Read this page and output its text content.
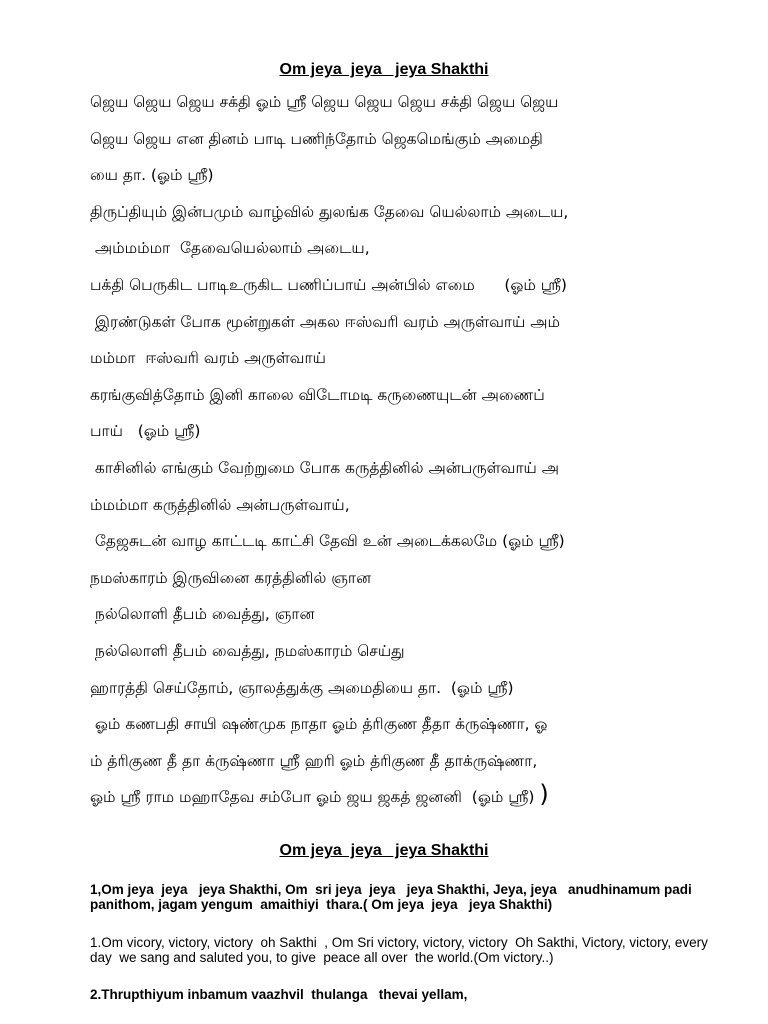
Om jeya  jeya   jeya Shakthi
ஜெய ஜெய ஜெய சக்தி ஓம் ஸ்ரீ ஜெய ஜெய ஜெய சக்தி ஜெய ஜெய
ஜெய ஜெய என தினம் பாடி பணிந்தோம் ஜெகமெங்கும் அமைதி
யை தா. (ஓம் ஸ்ரீ)
திருப்தியும் இன்பமும் வாழ்வில் துலங்க தேவை யெல்லாம் அடைய,
அம்மம்மா  தேவையெல்லாம் அடைய,
பக்தி பெருகிட பாடிஉருகிட பணிப்பாய் அன்பில் எமை      (ஓம் ஸ்ரீ)
இரண்டுகள் போக மூன்றுகள் அகல ஈஸ்வரி வரம் அருள்வாய் அம்
மம்மா  ஈஸ்வரி வரம் அருள்வாய்
கரங்குவித்தோம் இனி காலை விடோமடி கருணையுடன் அணைப்
பாய்   (ஓம் ஸ்ரீ)
காசினில் எங்கும் வேற்றுமை போக கருத்தினில் அன்பருள்வாய் அ
ம்மம்மா கருத்தினில் அன்பருள்வாய்,
தேஜசுடன் வாழ காட்டடி காட்சி தேவி உன் அடைக்கலமே (ஓம் ஸ்ரீ)
நமஸ்காரம் இருவினை கரத்தினில் ஞான
நல்லொளி தீபம் வைத்து, ஞான
நல்லொளி தீபம் வைத்து, நமஸ்காரம் செய்து
ஹாரத்தி செய்தோம், ஞாலத்துக்கு அமைதியை தா.  (ஓம் ஸ்ரீ)
ஓம் கணபதி சாயி ஷண்முக நாதா ஓம் த்ரிகுண தீதா க்ருஷ்ணா, ஓ
ம் த்ரிகுண தீ தா க்ருஷ்ணா ஸ்ரீ ஹரி ஓம் த்ரிகுண தீ தாக்ருஷ்ணா,
ஓம் ஸ்ரீ ராம மஹாதேவ சம்போ ஓம் ஜய ஜகத் ஜனனி  (ஓம் ஸ்ரீ) )
Om jeya  jeya   jeya Shakthi

1,Om jeya  jeya   jeya Shakthi, Om  sri jeya  jeya   jeya Shakthi, Jeya, jeya   anudhinamum padi panithom, jagam yengum  amaithiyi  thara.( Om jeya  jeya   jeya Shakthi)

1.Om vicory, victory, victory  oh Sakthi  , Om Sri victory, victory, victory  Oh Sakthi, Victory, victory, every day  we sang and saluted you, to give  peace all over  the world.(Om victory..)

2.Thrupthiyum inbamum vaazhvil  thulanga   thevai yellam,
